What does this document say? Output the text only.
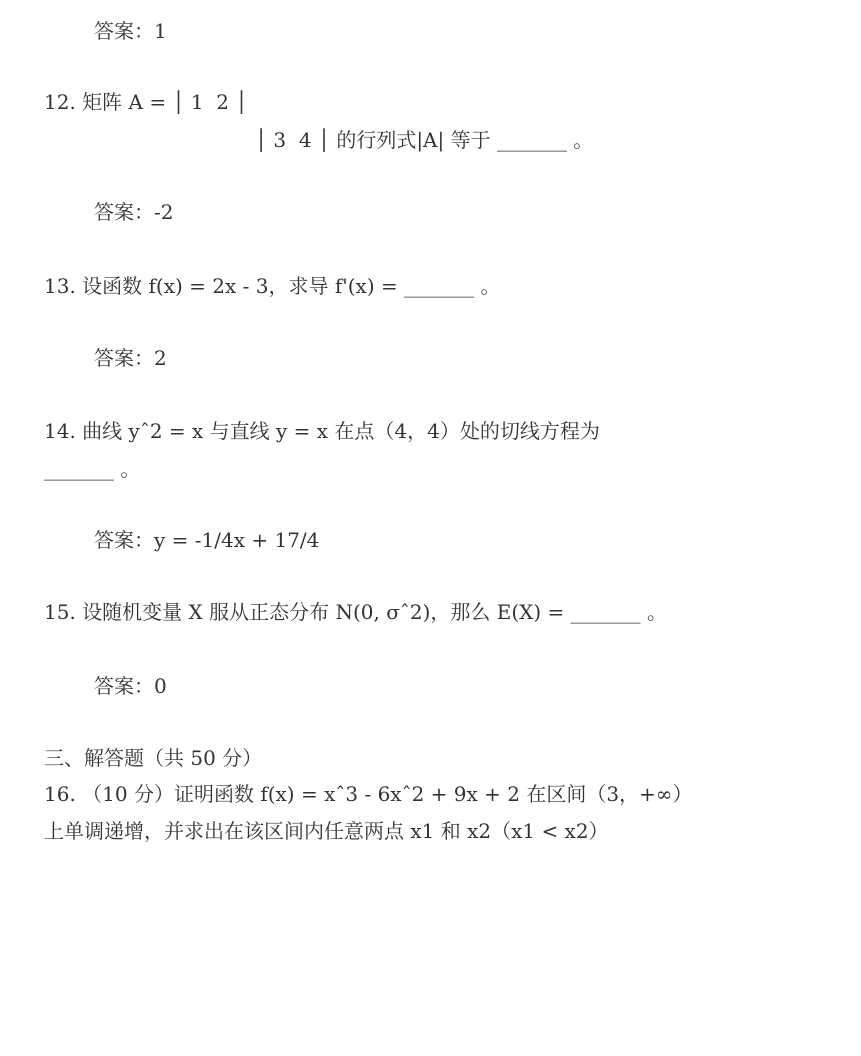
答案：1
12. 矩阵 A = │ 1  2 │
│ 3  4 │ 的行列式|A| 等于 _______ 。
答案：-2
13. 设函数 f(x) = 2x - 3，求导 f'(x) = _______ 。
答案：2
14. 曲线 yˆ2 = x 与直线 y = x 在点（4，4）处的切线方程为
_______ 。
答案：y = -1/4x + 17/4
15. 设随机变量 X 服从正态分布 N(0, σˆ2)，那么 E(X) = _______ 。
答案：0
三、解答题（共 50 分）
16. （10 分）证明函数 f(x) = xˆ3 - 6xˆ2 + 9x + 2 在区间（3，+∞）
上单调递增，并求出在该区间内任意两点 x1 和 x2（x1 < x2）
